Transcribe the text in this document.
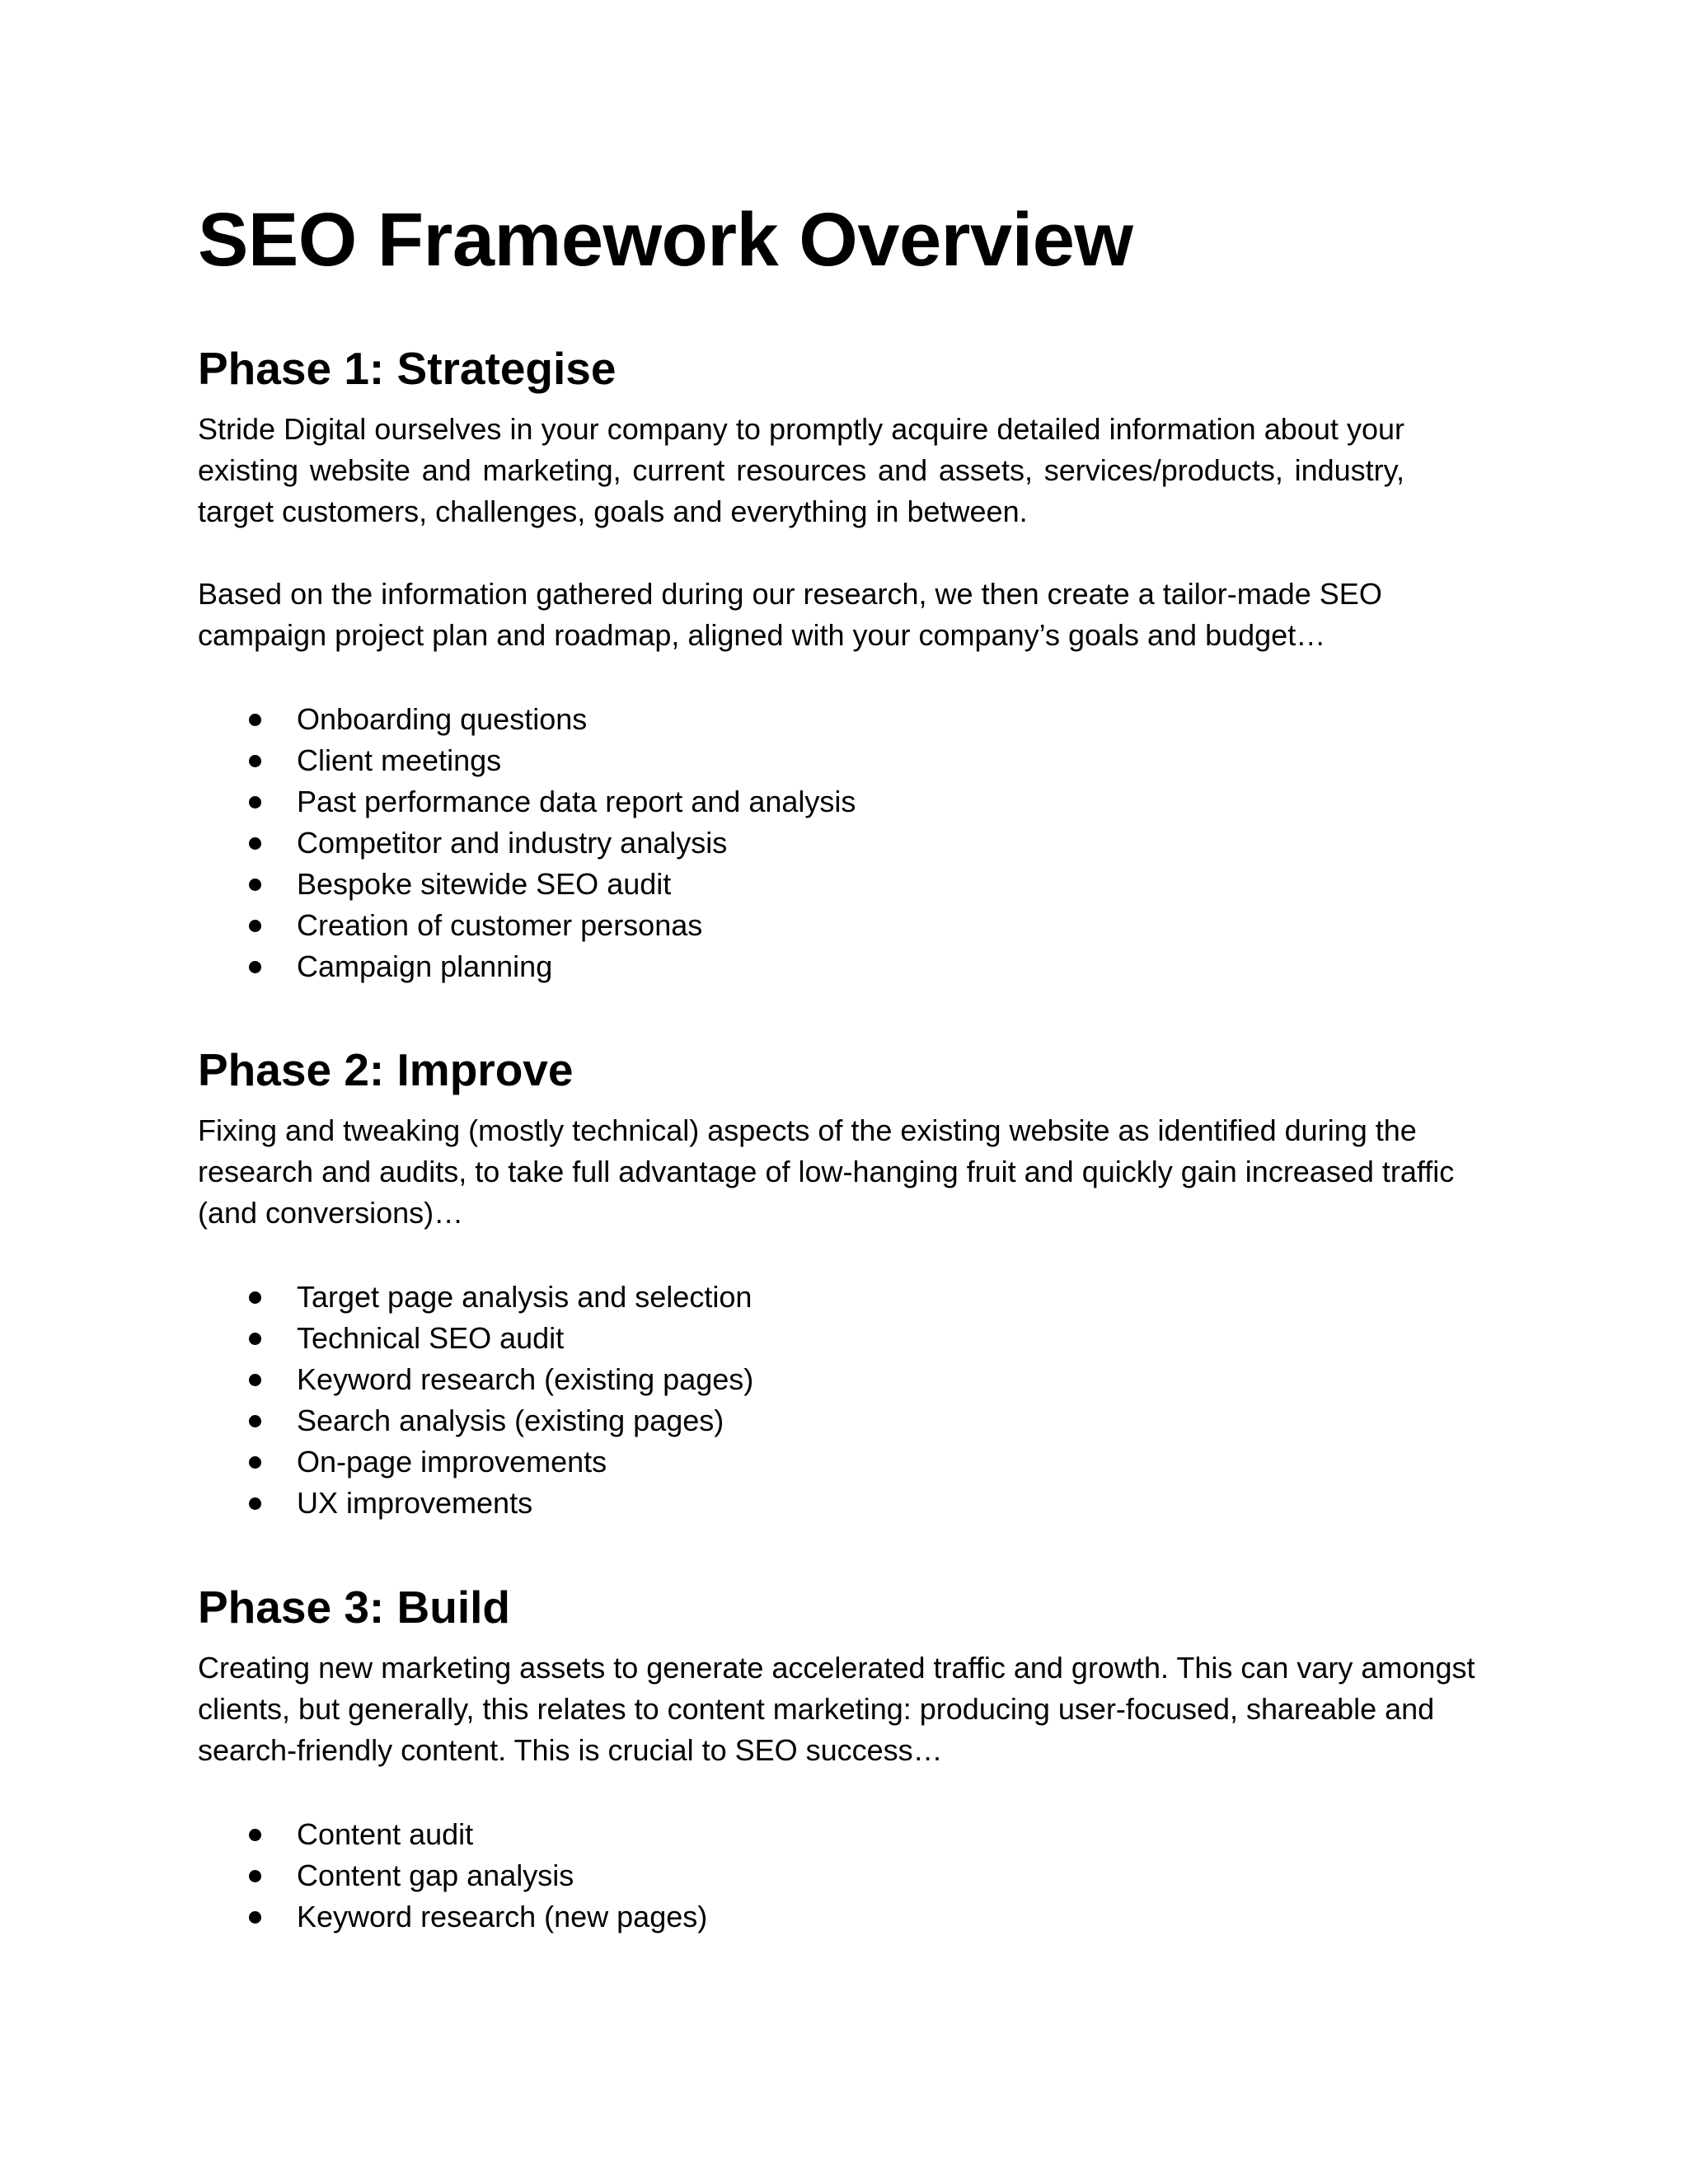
SEO Framework Overview
Phase 1: Strategise

Stride Digital ourselves in your company to promptly acquire detailed information about your existing website and marketing, current resources and assets, services/products, industry, target customers, challenges, goals and everything in between.

Based on the information gathered during our research, we then create a tailor-made SEO campaign project plan and roadmap, aligned with your company’s goals and budget…

Onboarding questions
Client meetings
Past performance data report and analysis
Competitor and industry analysis
Bespoke sitewide SEO audit
Creation of customer personas
Campaign planning
Phase 2: Improve

Fixing and tweaking (mostly technical) aspects of the existing website as identified during the research and audits, to take full advantage of low-hanging fruit and quickly gain increased traffic (and conversions)…

Target page analysis and selection
Technical SEO audit
Keyword research (existing pages)
Search analysis (existing pages)
On-page improvements
UX improvements
Phase 3: Build

Creating new marketing assets to generate accelerated traffic and growth. This can vary amongst clients, but generally, this relates to content marketing: producing user-focused, shareable and search-friendly content. This is crucial to SEO success…

Content audit
Content gap analysis
Keyword research (new pages)
